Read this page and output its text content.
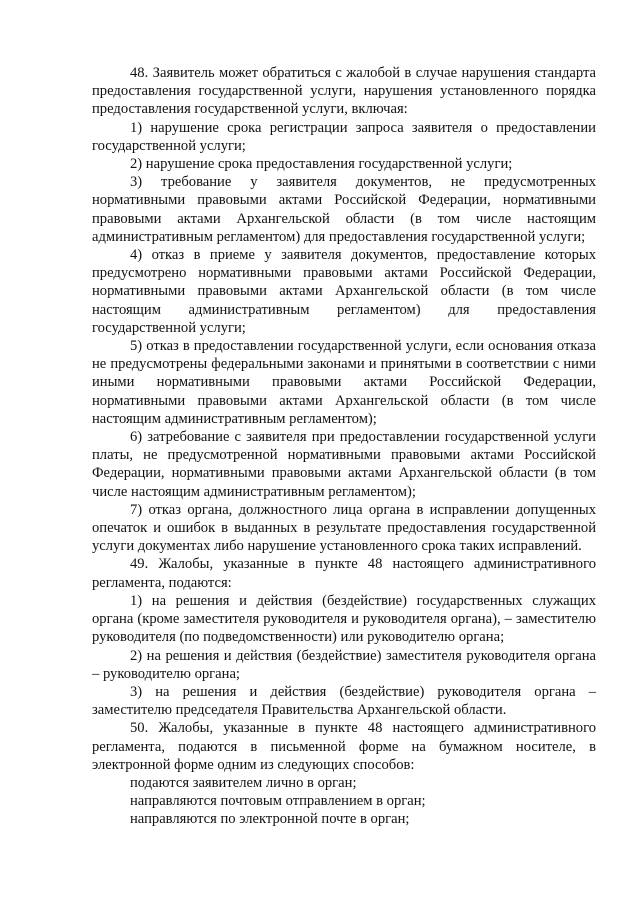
48. Заявитель может обратиться с жалобой в случае нарушения стандарта предоставления государственной услуги, нарушения установленного порядка предоставления государственной услуги, включая:

1) нарушение срока регистрации запроса заявителя о предоставлении государственной услуги;

2) нарушение срока предоставления государственной услуги;

3) требование у заявителя документов, не предусмотренных нормативными правовыми актами Российской Федерации, нормативными правовыми актами Архангельской области (в том числе настоящим административным регламентом) для предоставления государственной услуги;

4) отказ в приеме у заявителя документов, предоставление которых предусмотрено нормативными правовыми актами Российской Федерации, нормативными правовыми актами Архангельской области (в том числе настоящим административным регламентом) для предоставления государственной услуги;

5) отказ в предоставлении государственной услуги, если основания отказа не предусмотрены федеральными законами и принятыми в соответствии с ними иными нормативными правовыми актами Российской Федерации, нормативными правовыми актами Архангельской области (в том числе настоящим административным регламентом);

6) затребование с заявителя при предоставлении государственной услуги платы, не предусмотренной нормативными правовыми актами Российской Федерации, нормативными правовыми актами Архангельской области (в том числе настоящим административным регламентом);

7) отказ органа, должностного лица органа в исправлении допущенных опечаток и ошибок в выданных в результате предоставления государственной услуги документах либо нарушение установленного срока таких исправлений.

49. Жалобы, указанные в пункте 48 настоящего административного регламента, подаются:

1) на решения и действия (бездействие) государственных служащих органа (кроме заместителя руководителя и руководителя органа), – заместителю руководителя (по подведомственности) или руководителю органа;

2) на решения и действия (бездействие) заместителя руководителя органа – руководителю органа;

3) на решения и действия (бездействие) руководителя органа – заместителю председателя Правительства Архангельской области.

50. Жалобы, указанные в пункте 48 настоящего административного регламента, подаются в письменной форме на бумажном носителе, в электронной форме одним из следующих способов:

подаются заявителем лично в орган;

направляются почтовым отправлением в орган;

направляются по электронной почте в орган;
